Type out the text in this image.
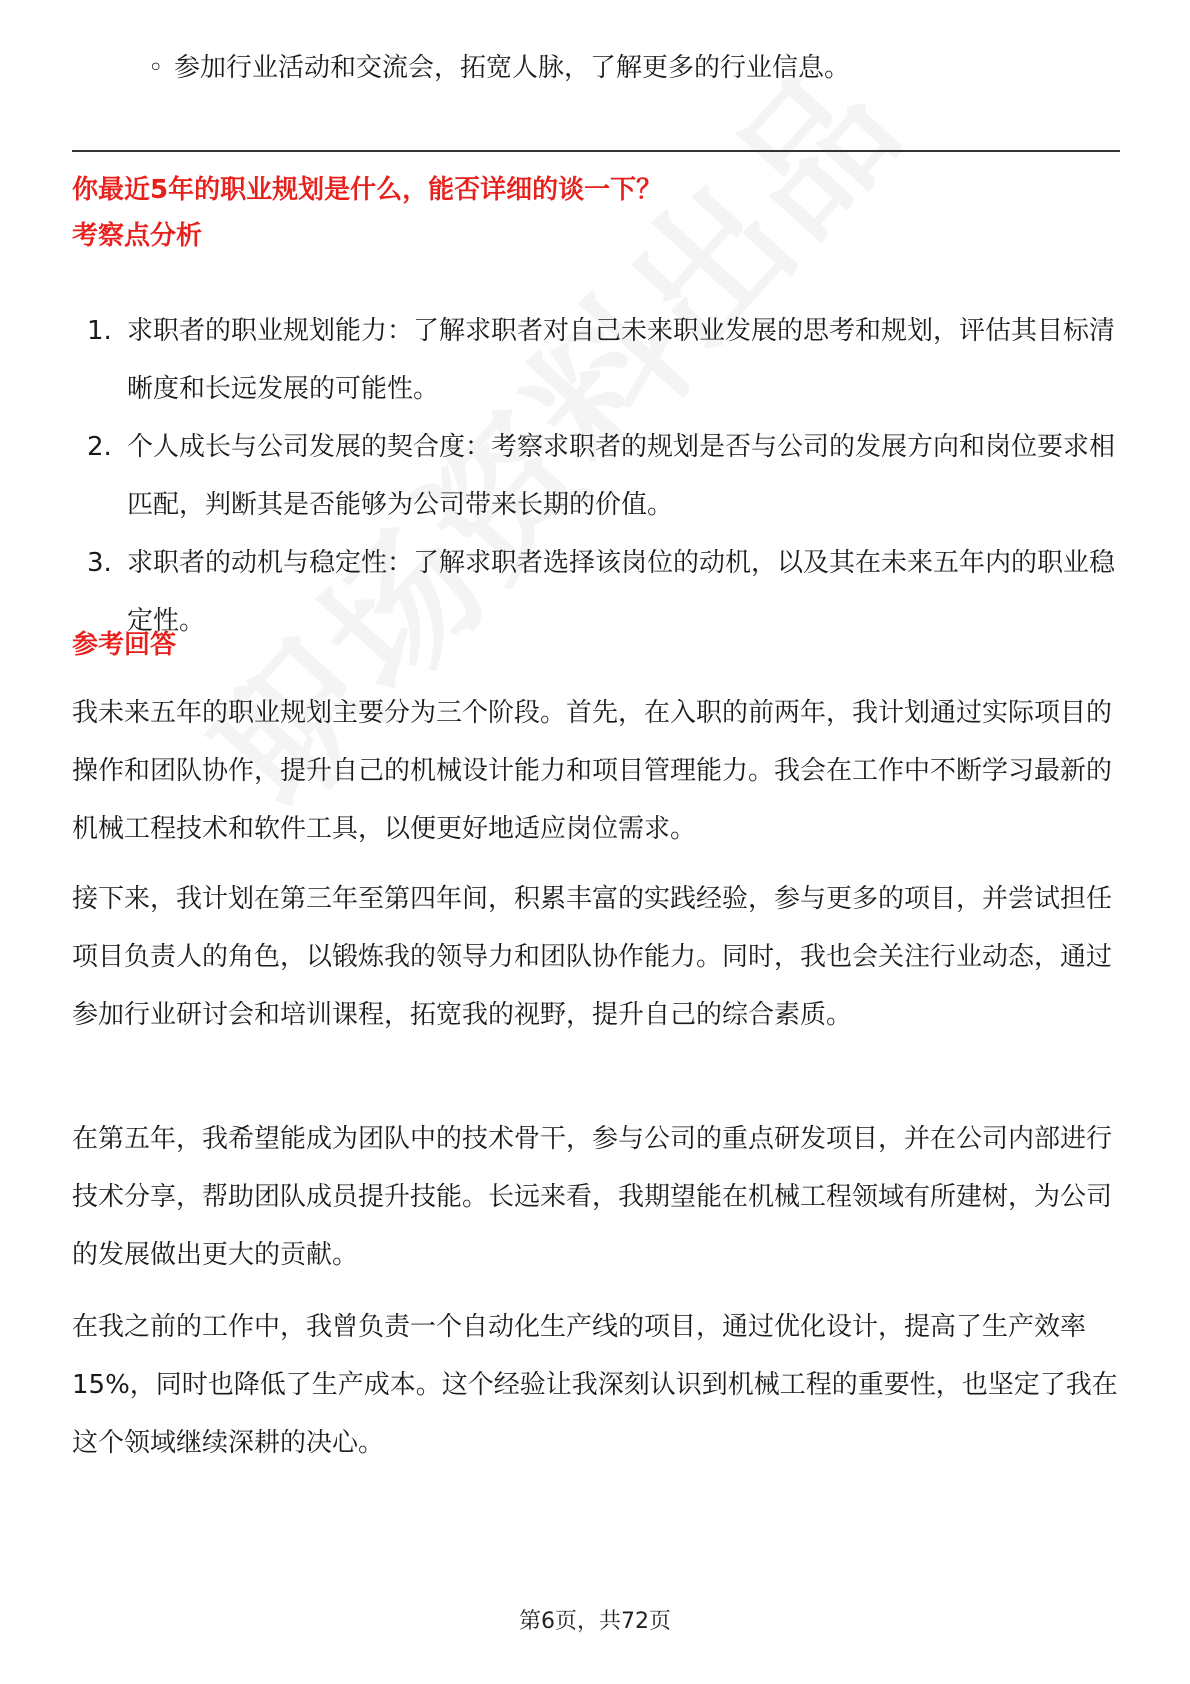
◦ 参加行业活动和交流会，拓宽人脉，了解更多的行业信息。
你最近5年的职业规划是什么，能否详细的谈一下？
考察点分析
1. 求职者的职业规划能力：了解求职者对自己未来职业发展的思考和规划，评估其目标清晰度和长远发展的可能性。
2. 个人成长与公司发展的契合度：考察求职者的规划是否与公司的发展方向和岗位要求相匹配，判断其是否能够为公司带来长期的价值。
3. 求职者的动机与稳定性：了解求职者选择该岗位的动机，以及其在未来五年内的职业稳定性。
参考回答

我未来五年的职业规划主要分为三个阶段。首先，在入职的前两年，我计划通过实际项目的操作和团队协作，提升自己的机械设计能力和项目管理能力。我会在工作中不断学习最新的机械工程技术和软件工具，以便更好地适应岗位需求。

接下来，我计划在第三年至第四年间，积累丰富的实践经验，参与更多的项目，并尝试担任项目负责人的角色，以锻炼我的领导力和团队协作能力。同时，我也会关注行业动态，通过参加行业研讨会和培训课程，拓宽我的视野，提升自己的综合素质。

在第五年，我希望能成为团队中的技术骨干，参与公司的重点研发项目，并在公司内部进行技术分享，帮助团队成员提升技能。长远来看，我期望能在机械工程领域有所建树，为公司的发展做出更大的贡献。

在我之前的工作中，我曾负责一个自动化生产线的项目，通过优化设计，提高了生产效率15%，同时也降低了生产成本。这个经验让我深刻认识到机械工程的重要性，也坚定了我在这个领域继续深耕的决心。

第6页，共72页
